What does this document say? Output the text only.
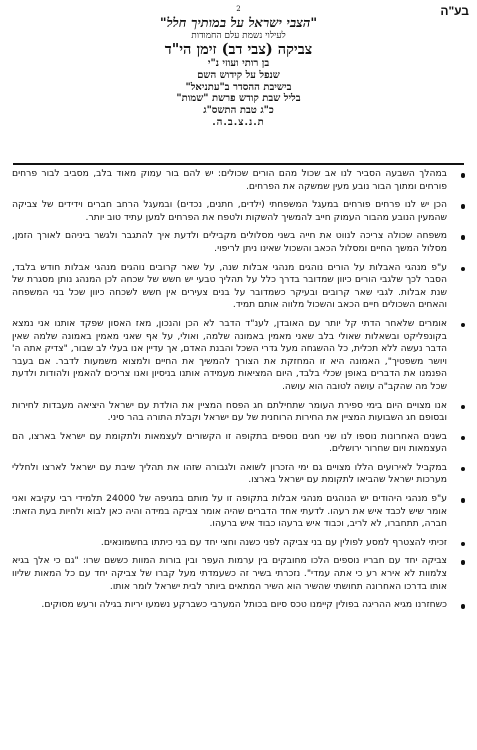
2	בע"ה
"הצבי ישראל על במותיך חלל"
לעילוי נשמת עלם החמודות
צביקה (צבי דב) זימן הי"ד
בן רותי ועוזי נ"י
שנפל על קידוש השם
בישיבת ההסדר ב"עתניאל"
בליל שבת קודש פרשת "שמות"
כ"ג טבת התשס"ג
ת.נ.צ.ב.ה.
במהלך השבעה הסביר לנו אב שכול מהם הורים שכולים: יש להם בור עמוק מאוד בלב, מסביב לבור פרחים פורחים ומתוך הבור נובע מעין שמשקה את הפרחים.
הכן יש לנו פרחים פורחים במעגל המשפחתי (ילדים, חתנים, נכדים) ובמעגל הרחב חברים וידידים של צביקה שהמעין הנובע מהבור העמוק חייב להמשיך להשקות ולטפח את הפרחים למען עתיד טוב יותר.
משפחה שכולה צריכה לנווט את חייה בשני מסלולים מקבילים ולדעת איך להתגבר ולגשר ביניהם לאורך הזמן, מסלול המשך החיים ומסלול הכאב והשכול שאינו ניתן לריפוי.
ע"פ מנהגי האבלות על הורים נוהגים מנהגי אבלות שנה, על שאר קרובים נוהגים מנהגי אבלות חודש בלבד, הסבר לכך שלגבי הורים כיוון שמדובר בדרך כלל על תהליך טבעי יש חשש של שכחה לכן המנהג נותן מסגרת של שנת אבלות. לגבי שאר קרובים ובעיקר כשמדובר על בנים צעירים אין חשש לשכחה כיוון שכל בני המשפחה והאחים השכולים חיים הכאב והשכול מלווה אותם תמיד.
אומרים שלאחר הדתי קל יותר עם האובדן, לענ"ד הדבר לא הכן והנכון, מאז האסון שפקד אותנו אני נמצא בקונפליקט ובשאלות שאולי בלב שאני מאמין באמונה שלמה, ואולי, על אף שאני מאמין באמונה שלמה שאין הדבר נעשה ללא תכלית, כל ההשגחה מעל גדרי השכל והבנת האדם, אך עדיין אנו בעלי לב שבור, "צדיק אתה ה' ויושר משפטיך", האמונה היא זו המחזקת את הצורך להמשיך את החיים ולמצוא משמעות לדבר. אם בעבר הפנמנו את הדברים באופן שכלי בלבד, היום המציאות מעמידה אותנו בניסיון ואנו צריכים להאמין ולהודות ולדעת שכל מה שהקב"ה עושה לטובה הוא עושה.
אנו מצויים היום בימי ספירת העומר שתחילתם חג הפסח המציין את הולדת עם ישראל היציאה מעבדות לחירות ובסופם חג השבועות המציין את החירות הרוחנית של עם ישראל וקבלת התורה בהר סיני.
בשנים האחרונות נוספו לנו שני חגים נוספים בתקופה זו הקשורים לעצמאות ולתקומת עם ישראל בארצו, הם העצמאות ויום שחרור ירושלים.
במקביל לאירועים הללו מצויים גם ימי הזכרון לשואה ולגבורה שזהו את תהליך שיבת עם ישראל לארצו ולחללי מערכות ישראל שהביאו לתקומת עם ישראל בארצו.
ע"פ מנהגי היהודים יש הנוהגים מנהגי אבלות בתקופה זו על מותם במגיפה של 24000 תלמידי רבי עקיבא ואני אומר שיש לכבד איש את רעהו. לדעתי אחד הדברים שהיה אומר צביקה במידה והיה כאן לבוא ולחיות בעת הזאת: חברה, תתחברו, לא לריב, וכבוד איש ברעהו כבוד איש ברעהו.
זכיתי להצטרף למסע לפולין עם בני צביקה לפני כשנה וחצי יחד עם בני כיתתו בחשמונאים.
צביקה יחד עם חבריו נוספים הלכו מחובקים בין ערמות העפר ובין בורות המוות כששם שרו: "גם כי אלך בגיא צלמוות לא אירא רע כי אתה עמדי". נזכרתי בשיר זה כשעמדתי מעל קברו של צביקה יחד עם כל המאות שליוו אותו בדרכו האחרונה תחושתי שהשיר הוא השיר המתאים ביותר לבית ישראל לומר אותו.
כשחזרנו מגיא ההריגה בפולין קיימנו טכס סיום בכותל המערבי כשברקע נשמעו יריות בגילה ורעש מסוקים.
